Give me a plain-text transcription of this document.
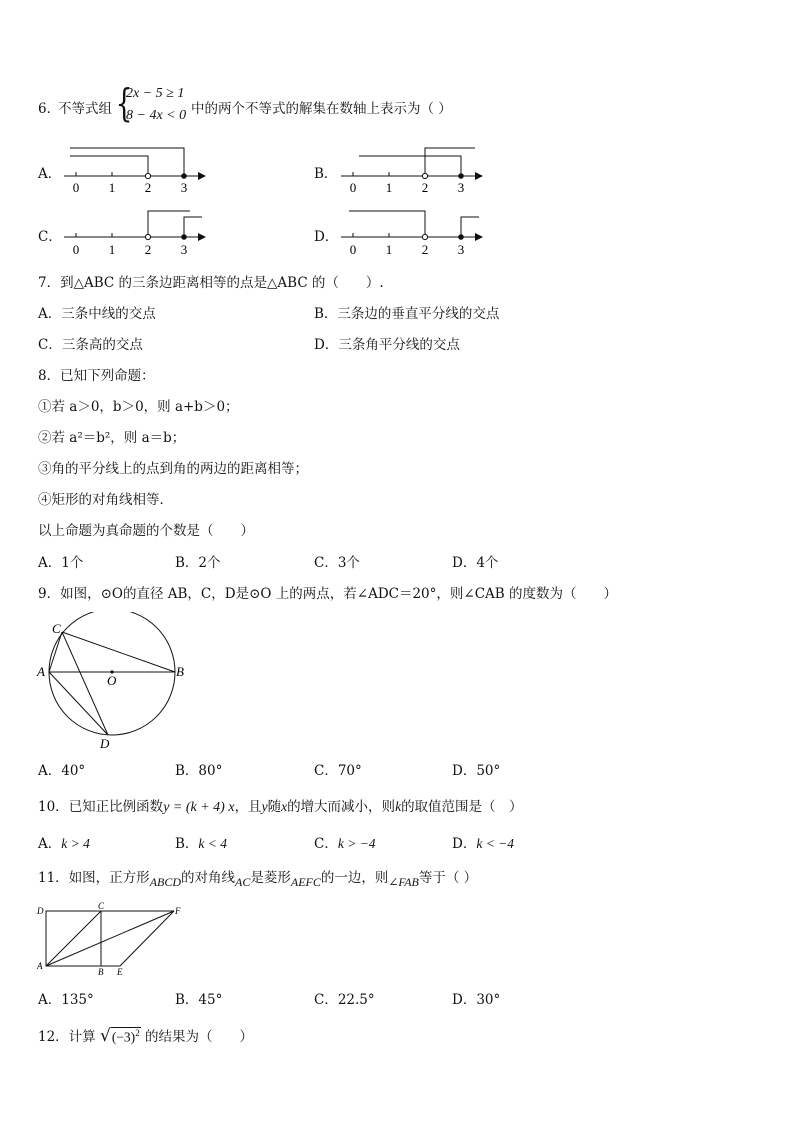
6．
不等式组 {
2x − 5 ≥ 1
8 − 4x < 0 中的两个不等式的解集在数轴上表示为（ ）
A．	B．
C．	D．
0 1 2 3	0 1 2 3
0 1 2 3	0 1 2 3
7．到△ABC 的三条边距离相等的点是△ABC 的（　　）.
A．三条中线的交点	B．三条边的垂直平分线的交点
C．三条高的交点	D．三条角平分线的交点
8．已知下列命题：
①若 a＞0，b＞0，则 a+b＞0；
②若 a²＝b²，则 a＝b；
③角的平分线上的点到角的两边的距离相等；
④矩形的对角线相等．
以上命题为真命题的个数是（　　）
A．1个	B．2个	C．3个	D．4个
9．如图，⊙O的直径 AB，C，D是⊙O 上的两点，若∠ADC＝20°，则∠CAB 的度数为（　　）
C
A	B
O
D
A．40°	B．80°	C．70°	D．50°
10．已知正比例函数y = (k + 4) x，且y随x的增大而减小，则k的取值范围是（　）
A．k > 4	B．k < 4	C．k > −4	D．k < −4
11．如图，正方形ABCD的对角线AC是菱形AEFC的一边，则∠FAB等于（ ）
D	C	F
A
B E
A．135°	B．45°	C．22.5°	D．30°
12．计算 $√(-3)^2$ 的结果为（　　）
